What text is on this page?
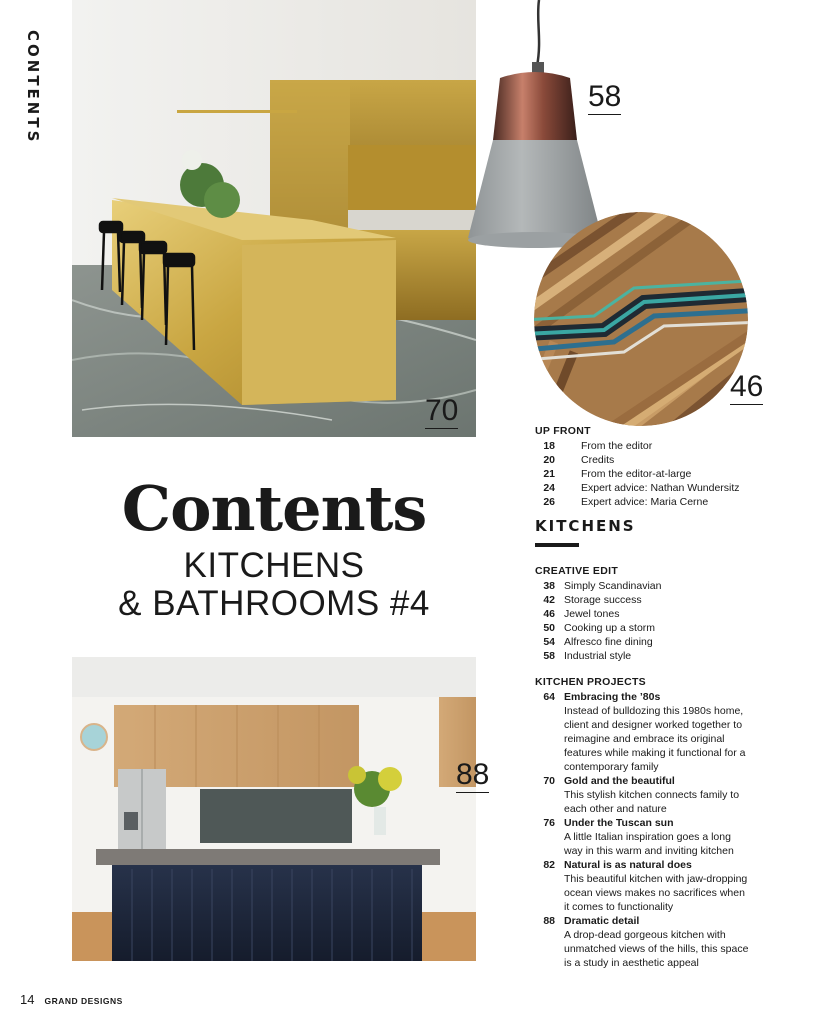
CONTENTS
70
58
46
Contents
KITCHENS
& BATHROOMS #4
88
UP FRONT
18 From the editor
20 Credits
21 From the editor-at-large
24 Expert advice: Nathan Wundersitz
26 Expert advice: Maria Cerne
KITCHENS
CREATIVE EDIT
38 Simply Scandinavian
42 Storage success
46 Jewel tones
50 Cooking up a storm
54 Alfresco fine dining
58 Industrial style
KITCHEN PROJECTS
64 Embracing the ’80s
Instead of bulldozing this 1980s home, client and designer worked together to reimagine and embrace its original features while making it functional for a contemporary family
70 Gold and the beautiful
This stylish kitchen connects family to each other and nature
76 Under the Tuscan sun
A little Italian inspiration goes a long way in this warm and inviting kitchen
82 Natural is as natural does
This beautiful kitchen with jaw-dropping ocean views makes no sacrifices when it comes to functionality
88 Dramatic detail
A drop-dead gorgeous kitchen with unmatched views of the hills, this space is a study in aesthetic appeal
14 GRAND DESIGNS
